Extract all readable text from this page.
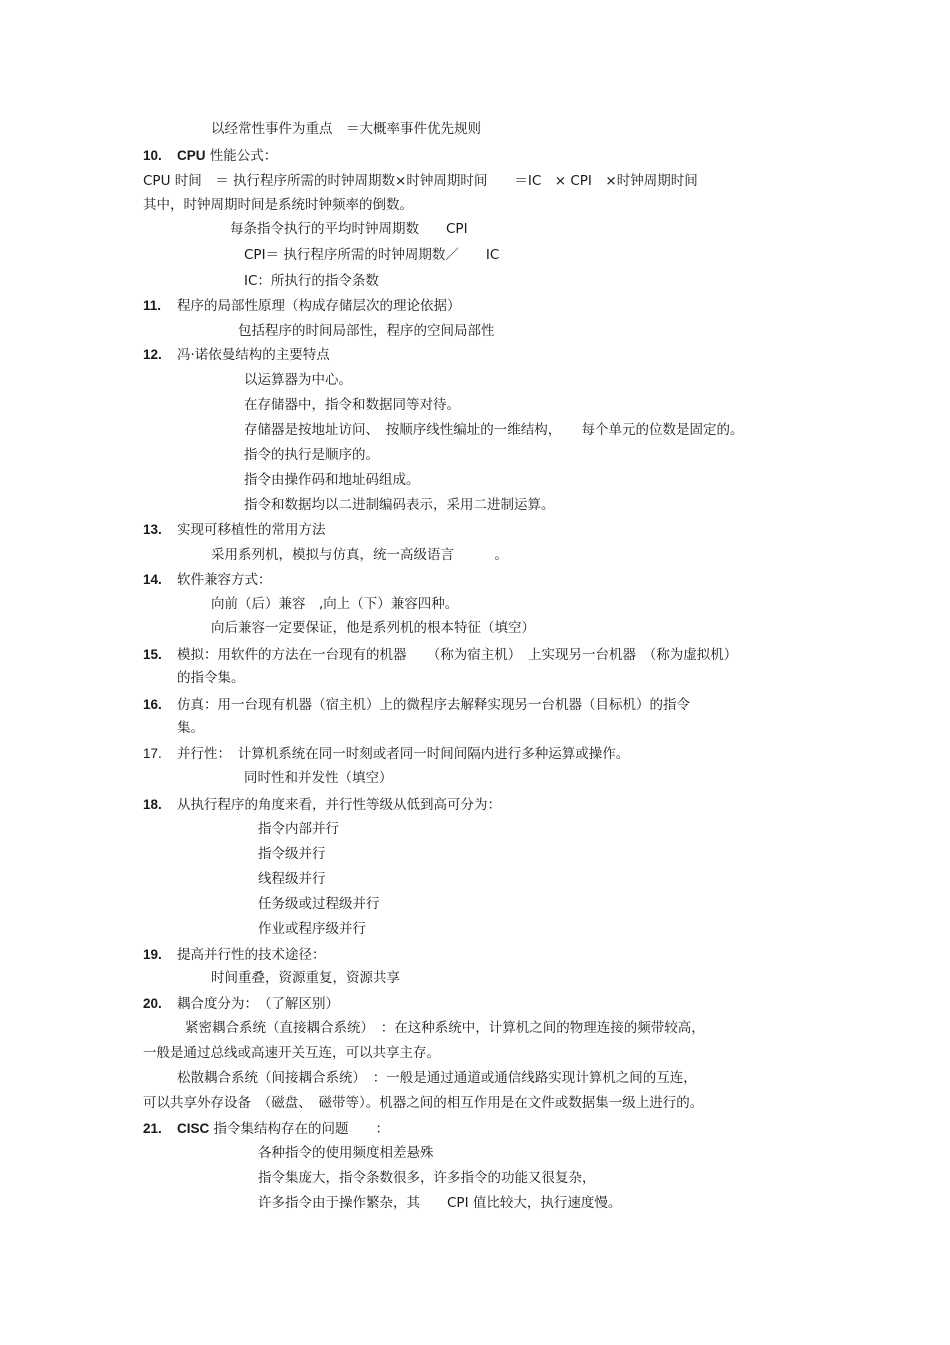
以经常性事件为重点　＝大概率事件优先规则
10. CPU 性能公式：
CPU 时间　＝ 执行程序所需的时钟周期数×时钟周期时间　　＝IC　× CPI　×时钟周期时间
其中，时钟周期时间是系统时钟频率的倒数。
每条指令执行的平均时钟周期数　　CPI
CPI＝ 执行程序所需的时钟周期数／　　IC
IC：所执行的指令条数
11. 程序的局部性原理（构成存储层次的理论依据）
包括程序的时间局部性，程序的空间局部性
12. 冯·诺依曼结构的主要特点
以运算器为中心。
在存储器中，指令和数据同等对待。
存储器是按地址访问、　按顺序线性编址的一维结构，　　每个单元的位数是固定的。
指令的执行是顺序的。
指令由操作码和地址码组成。
指令和数据均以二进制编码表示，采用二进制运算。
13. 实现可移植性的常用方法
采用系列机，模拟与仿真，统一高级语言　　　。
14. 软件兼容方式：
向前（后）兼容　,向上（下）兼容四种。
向后兼容一定要保证，他是系列机的根本特征（填空）
15. 模拟：用软件的方法在一台现有的机器　　（称为宿主机）　上实现另一台机器　（称为虚拟机）
的指令集。
16. 仿真：用一台现有机器（宿主机）上的微程序去解释实现另一台机器（目标机）的指令
集。
17. 并行性：　计算机系统在同一时刻或者同一时间间隔内进行多种运算或操作。
同时性和并发性（填空）
18. 从执行程序的角度来看，并行性等级从低到高可分为：
指令内部并行
指令级并行
线程级并行
任务级或过程级并行
作业或程序级并行
19. 提高并行性的技术途径：
时间重叠，资源重复，资源共享
20. 耦合度分为：　（了解区别）
紧密耦合系统（直接耦合系统）　：在这种系统中，计算机之间的物理连接的频带较高，
一般是通过总线或高速开关互连，可以共享主存。
松散耦合系统（间接耦合系统）　：一般是通过通道或通信线路实现计算机之间的互连，
可以共享外存设备　（磁盘、　磁带等）。机器之间的相互作用是在文件或数据集一级上进行的。
21. CISC 指令集结构存在的问题　　：
各种指令的使用频度相差悬殊
指令集庞大，指令条数很多，许多指令的功能又很复杂，
许多指令由于操作繁杂，其　　CPI 值比较大，执行速度慢。
